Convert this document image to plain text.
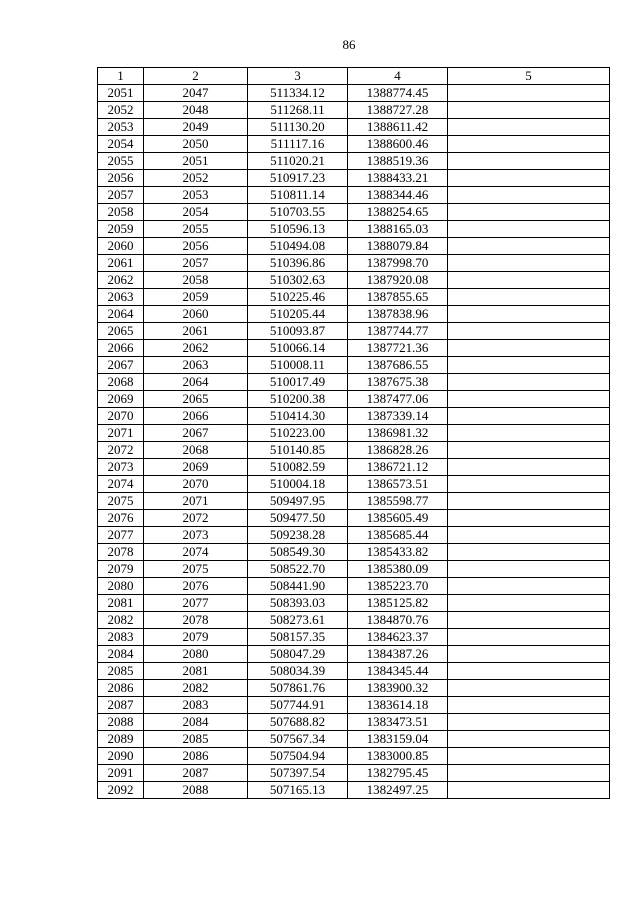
86
1	2	3	4	5
2051	2047	511334.12	1388774.45	
2052	2048	511268.11	1388727.28	
2053	2049	511130.20	1388611.42	
2054	2050	511117.16	1388600.46	
2055	2051	511020.21	1388519.36	
2056	2052	510917.23	1388433.21	
2057	2053	510811.14	1388344.46	
2058	2054	510703.55	1388254.65	
2059	2055	510596.13	1388165.03	
2060	2056	510494.08	1388079.84	
2061	2057	510396.86	1387998.70	
2062	2058	510302.63	1387920.08	
2063	2059	510225.46	1387855.65	
2064	2060	510205.44	1387838.96	
2065	2061	510093.87	1387744.77	
2066	2062	510066.14	1387721.36	
2067	2063	510008.11	1387686.55	
2068	2064	510017.49	1387675.38	
2069	2065	510200.38	1387477.06	
2070	2066	510414.30	1387339.14	
2071	2067	510223.00	1386981.32	
2072	2068	510140.85	1386828.26	
2073	2069	510082.59	1386721.12	
2074	2070	510004.18	1386573.51	
2075	2071	509497.95	1385598.77	
2076	2072	509477.50	1385605.49	
2077	2073	509238.28	1385685.44	
2078	2074	508549.30	1385433.82	
2079	2075	508522.70	1385380.09	
2080	2076	508441.90	1385223.70	
2081	2077	508393.03	1385125.82	
2082	2078	508273.61	1384870.76	
2083	2079	508157.35	1384623.37	
2084	2080	508047.29	1384387.26	
2085	2081	508034.39	1384345.44	
2086	2082	507861.76	1383900.32	
2087	2083	507744.91	1383614.18	
2088	2084	507688.82	1383473.51	
2089	2085	507567.34	1383159.04	
2090	2086	507504.94	1383000.85	
2091	2087	507397.54	1382795.45	
2092	2088	507165.13	1382497.25	
